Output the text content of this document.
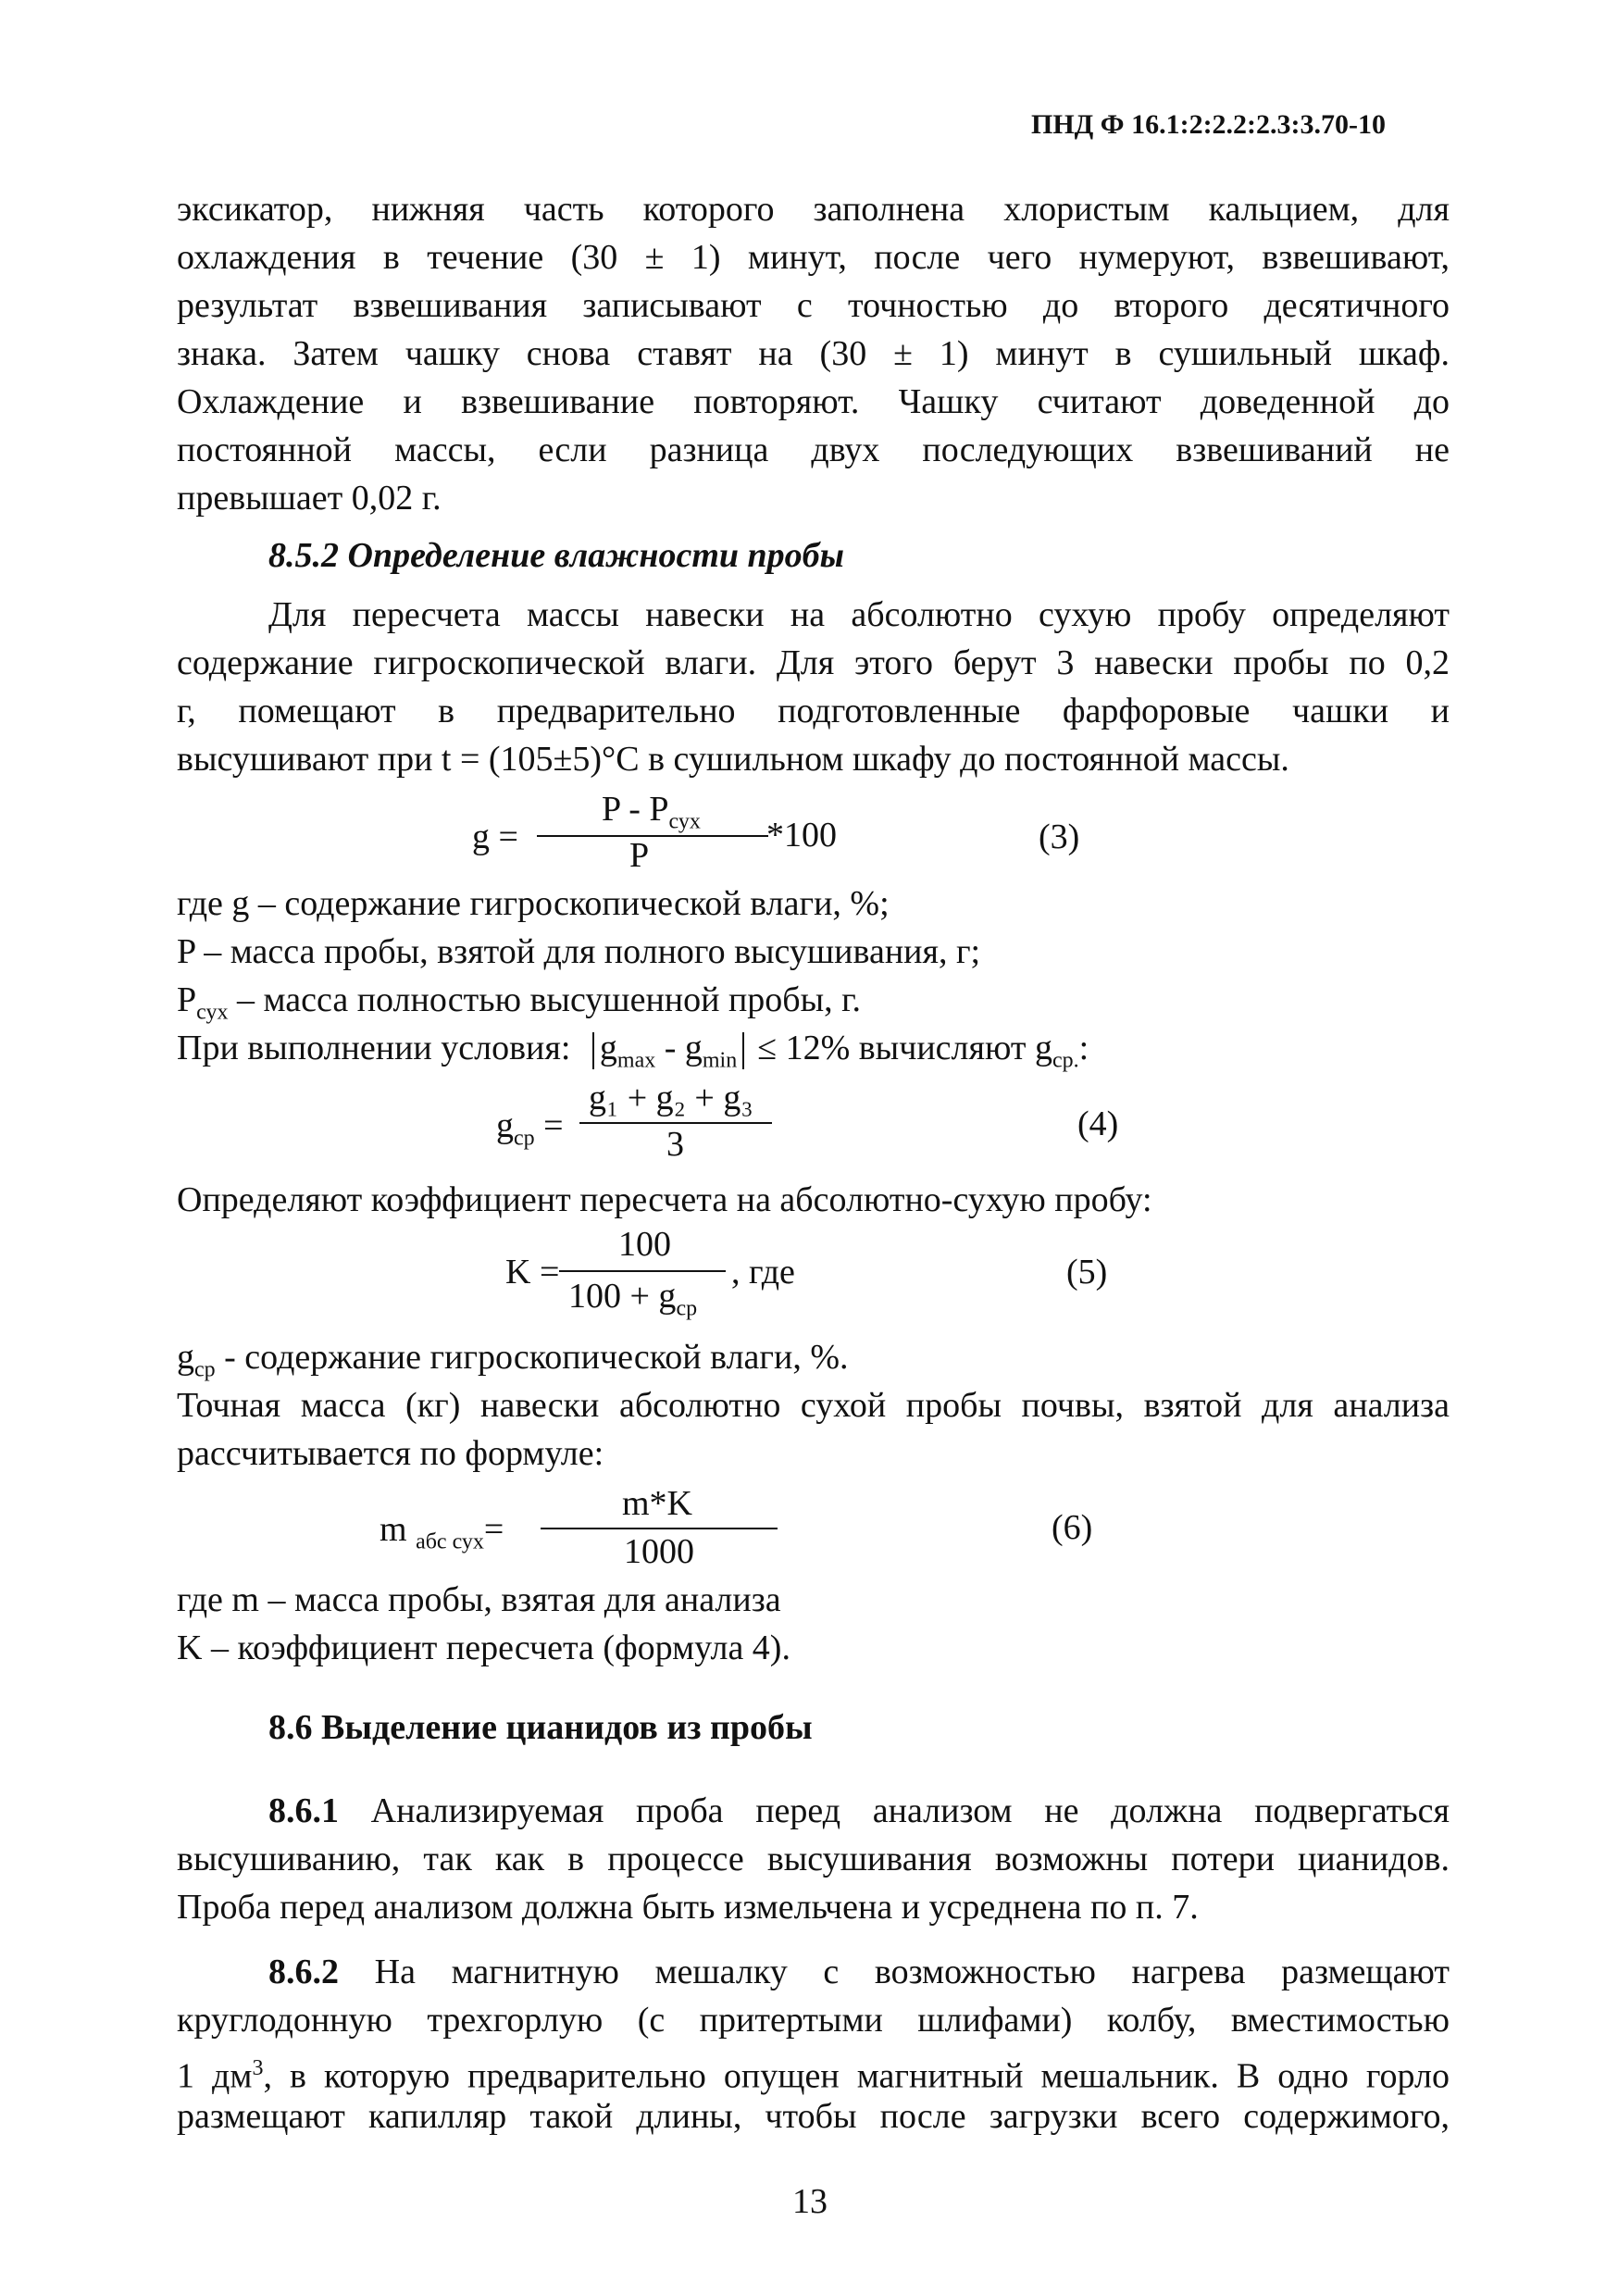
ПНД Ф 16.1:2:2.2:2.3:3.70-10
эксикатор, нижняя часть которого заполнена хлористым кальцием, для
охлаждения в течение (30 ± 1) минут, после чего нумеруют, взвешивают,
результат взвешивания записывают с точностью до второго десятичного
знака. Затем чашку снова ставят на (30 ± 1) минут в сушильный шкаф.
Охлаждение и взвешивание повторяют. Чашку считают доведенной до
постоянной массы, если разница двух последующих взвешиваний не
превышает 0,02 г.
8.5.2 Определение влажности пробы
Для пересчета массы навески на абсолютно сухую пробу определяют
содержание гигроскопической влаги. Для этого берут 3 навески пробы по 0,2
г, помещают в предварительно подготовленные фарфоровые чашки и
высушивают при t = (105±5)°С в сушильном шкафу до постоянной массы.
g =
P - $P_{сух}$
P
*100	(3)
где g – содержание гигроскопической влаги, %;
P – масса пробы, взятой для полного высушивания, г;
$P_{сух}$ – масса полностью высушенной пробы, г.
При выполнении условия: $g_{max} - g_{min} \le 12\%$ вычисляют $g_{ср.}$:
$g_{ср}$ =
g₁ + g₂ + g₃
3
(4)
Определяют коэффициент пересчета на абсолютно-сухую пробу:
K =
100
$100 + g_{ср}$
, где	(5)
$g_{ср}$ - содержание гигроскопической влаги, %.
Точная масса (кг) навески абсолютно сухой пробы почвы, взятой для анализа
рассчитывается по формуле:
m $_{абс сух}$=
m*K
1000
(6)
где m – масса пробы, взятая для анализа
K – коэффициент пересчета (формула 4).
8.6 Выделение цианидов из пробы
8.6.1 Анализируемая проба перед анализом не должна подвергаться
высушиванию, так как в процессе высушивания возможны потери цианидов.
Проба перед анализом должна быть измельчена и усреднена по п. 7.
8.6.2 На магнитную мешалку с возможностью нагрева размещают
круглодонную трехгорлую (с притертыми шлифами) колбу, вместимостью
1 $дм^3$, в которую предварительно опущен магнитный мешальник. В одно горло
размещают капилляр такой длины, чтобы после загрузки всего содержимого,
13
